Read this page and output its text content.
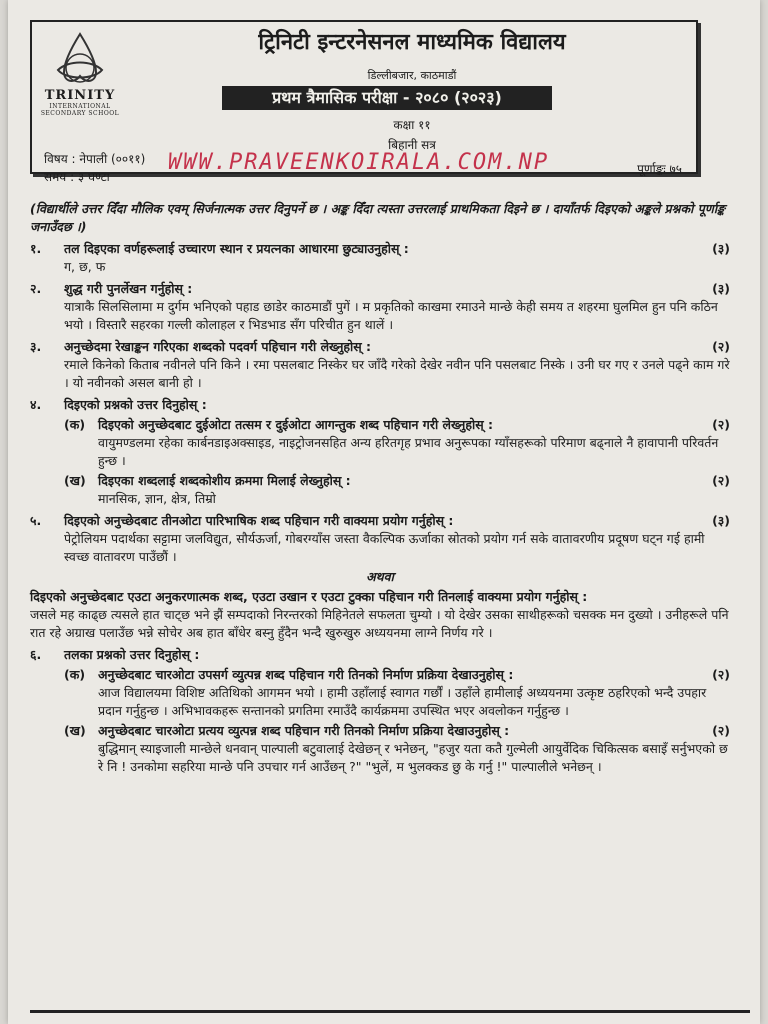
TRINITY
INTERNATIONAL
SECONDARY SCHOOL
ट्रिनिटी इन्टरनेसनल माध्यमिक विद्यालय
डिल्लीबजार, काठमाडौं
प्रथम त्रैमासिक परीक्षा - २०८० (२०२३)
कक्षा ११
बिहानी सत्र
विषय : नेपाली (००११)
समय : ३ घण्टा
पूर्णाङ्कः ७५
WWW.PRAVEENKOIRALA.COM.NP
(विद्यार्थीले उत्तर दिँदा मौलिक एवम् सिर्जनात्मक उत्तर दिनुपर्ने छ । अङ्क दिँदा त्यस्ता उत्तरलाई प्राथमिकता दिइने छ । दायाँतर्फ दिइएको अङ्कले प्रश्नको पूर्णाङ्क जनाउँदछ ।)
१.	तल दिइएका वर्णहरूलाई उच्चारण स्थान र प्रयत्नका आधारमा छुट्याउनुहोस् :	(३)
ग, छ, फ
२.	शुद्ध गरी पुनर्लेखन गर्नुहोस् :	(३)
यात्राकै सिलसिलामा म दुर्गम भनिएको पहाड छाडेर काठमाडौं पुगें । म प्रकृतिको काखमा रमाउने मान्छे केही समय त शहरमा घुलमिल हुन पनि कठिन भयो । विस्तारै सहरका गल्ली कोलाहल र भिडभाड सँग परिचीत हुन थालें ।
३.	अनुच्छेदमा रेखाङ्कन गरिएका शब्दको पदवर्ग पहिचान गरी लेख्नुहोस् :	(२)
रमाले किनेको किताब नवीनले पनि किने । रमा पसलबाट निस्केर घर जाँदै गरेको देखेर नवीन पनि पसलबाट निस्के । उनी घर गए र उनले पढ्ने काम गरे । यो नवीनको असल बानी हो ।
४.	दिइएको प्रश्नको उत्तर दिनुहोस् :
(क)	दिइएको अनुच्छेदबाट दुईओटा तत्सम र दुईओटा आगन्तुक शब्द पहिचान गरी लेख्नुहोस् :	(२)
वायुमण्डलमा रहेका कार्बनडाइअक्साइड, नाइट्रोजनसहित अन्य हरितगृह प्रभाव अनुरूपका ग्याँसहरूको परिमाण बढ्नाले नै हावापानी परिवर्तन हुन्छ ।
(ख) दिइएका शब्दलाई शब्दकोशीय क्रममा मिलाई लेख्नुहोस् :	(२)
मानसिक, ज्ञान, क्षेत्र, तिम्रो
५.	दिइएको अनुच्छेदबाट तीनओटा पारिभाषिक शब्द पहिचान गरी वाक्यमा प्रयोग गर्नुहोस् :	(३)
पेट्रोलियम पदार्थका सट्टामा जलविद्युत, सौर्यऊर्जा, गोबरग्याँस जस्ता वैकल्पिक ऊर्जाका स्रोतको प्रयोग गर्न सके वातावरणीय प्रदूषण घट्न गई हामी स्वच्छ वातावरण पाउँछौं ।
अथवा
दिइएको अनुच्छेदबाट एउटा अनुकरणात्मक शब्द, एउटा उखान र एउटा टुक्का पहिचान गरी तिनलाई वाक्यमा प्रयोग गर्नुहोस् :
जसले मह काढ्छ त्यसले हात चाट्छ भने झैं सम्पदाको निरन्तरको मिहिनेतले सफलता चुम्यो । यो देखेर उसका साथीहरूको चसक्क मन दुख्यो । उनीहरूले पनि रात रहे अग्राख पलाउँछ भन्ने सोचेर अब हात बाँधेर बस्नु हुँदैन भन्दै खुरुखुरु अध्ययनमा लाग्ने निर्णय गरे ।
६.	तलका प्रश्नको उत्तर दिनुहोस् :
(क)	अनुच्छेदबाट चारओटा उपसर्ग व्युत्पन्न शब्द पहिचान गरी तिनको निर्माण प्रक्रिया देखाउनुहोस् :	(२)
आज विद्यालयमा विशिष्ट अतिथिको आगमन भयो । हामी उहाँलाई स्वागत गर्छौं । उहाँले हामीलाई अध्ययनमा उत्कृष्ट ठहरिएको भन्दै उपहार प्रदान गर्नुहुन्छ । अभिभावकहरू सन्तानको प्रगतिमा रमाउँदै कार्यक्रममा उपस्थित भएर अवलोकन गर्नुहुन्छ ।
(ख) अनुच्छेदबाट चारओटा प्रत्यय व्युत्पन्न शब्द पहिचान गरी तिनको निर्माण प्रक्रिया देखाउनुहोस् :	(२)
बुद्धिमान् स्याइजाली मान्छेले धनवान् पाल्पाली बटुवालाई देखेछन् र भनेछन्, "हजुर यता कतै गुल्मेली आयुर्वेदिक चिकित्सक बसाइँ सर्नुभएको छ रे नि ! उनकोमा सहरिया मान्छे पनि उपचार गर्न आउँछन् ?" "भुलें, म भुलक्कड छु के गर्नु !" पाल्पालीले भनेछन् ।
